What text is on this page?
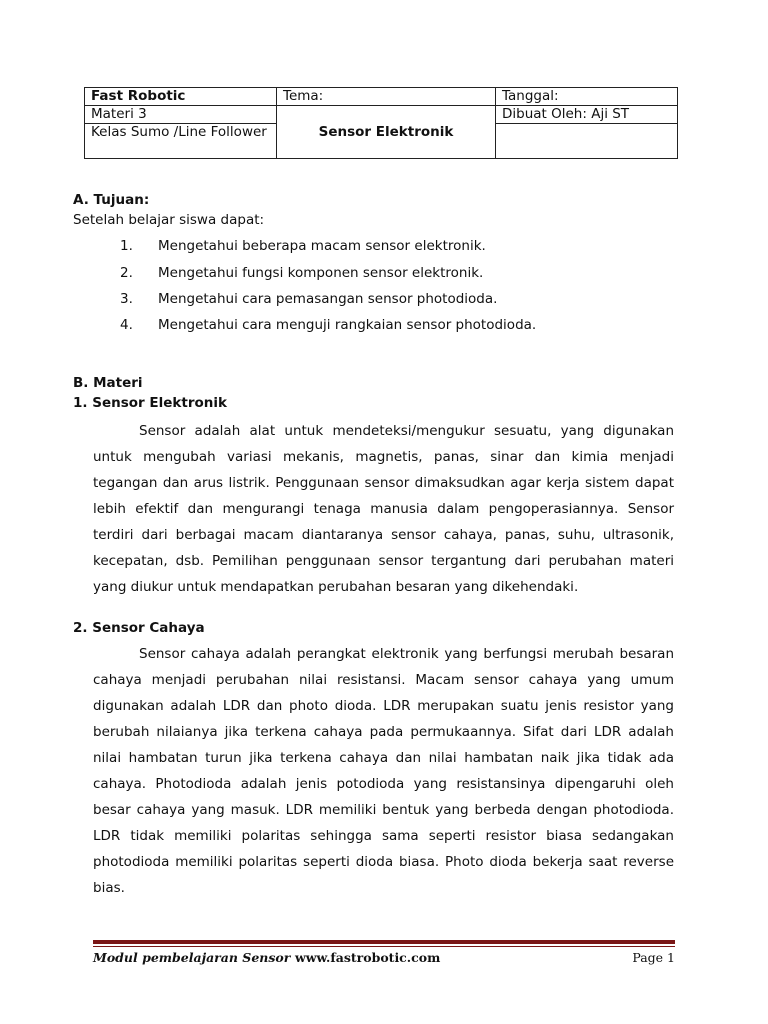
Fast Robotic	Tema:	Tanggal:
Materi 3	Sensor Elektronik	Dibuat Oleh: Aji ST
Kelas Sumo /Line Follower		
A. Tujuan:
Setelah belajar siswa dapat:
1. Mengetahui beberapa macam sensor elektronik.
2. Mengetahui fungsi komponen sensor elektronik.
3. Mengetahui cara pemasangan sensor photodioda.
4. Mengetahui cara menguji rangkaian sensor photodioda.
B. Materi
1. Sensor Elektronik

Sensor adalah alat untuk mendeteksi/mengukur sesuatu, yang digunakan untuk mengubah variasi mekanis, magnetis, panas, sinar dan kimia menjadi tegangan dan arus listrik. Penggunaan sensor dimaksudkan agar kerja sistem dapat lebih efektif dan mengurangi tenaga manusia dalam pengoperasiannya. Sensor terdiri dari berbagai macam diantaranya sensor cahaya, panas, suhu, ultrasonik, kecepatan, dsb. Pemilihan penggunaan sensor tergantung dari perubahan materi yang diukur untuk mendapatkan perubahan besaran yang dikehendaki.

2. Sensor Cahaya

Sensor cahaya adalah perangkat elektronik yang berfungsi merubah besaran cahaya menjadi perubahan nilai resistansi. Macam sensor cahaya yang umum digunakan adalah LDR dan photo dioda. LDR merupakan suatu jenis resistor yang berubah nilaianya jika terkena cahaya pada permukaannya. Sifat dari LDR adalah nilai hambatan turun jika terkena cahaya dan nilai hambatan naik jika tidak ada cahaya. Photodioda adalah jenis potodioda yang resistansinya dipengaruhi oleh besar cahaya yang masuk. LDR memiliki bentuk yang berbeda dengan photodioda. LDR tidak memiliki polaritas sehingga sama seperti resistor biasa sedangakan photodioda memiliki polaritas seperti dioda biasa. Photo dioda bekerja saat reverse bias.

Modul pembelajaran Sensor www.fastrobotic.com	Page 1
